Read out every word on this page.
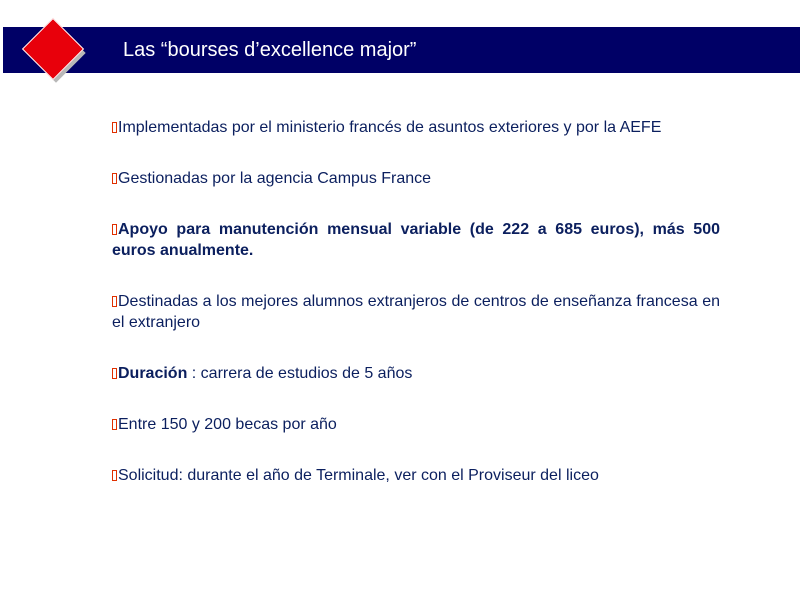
Las “bourses d’excellence major”

Implementadas por el ministerio francés de asuntos exteriores y por la AEFE

Gestionadas por la agencia Campus France

Apoyo para manutención mensual variable (de 222 a 685 euros), más 500 euros anualmente.

Destinadas a los mejores alumnos extranjeros de centros de enseñanza francesa en el extranjero

Duración : carrera de estudios de 5 años

Entre 150 y 200 becas por año

Solicitud: durante el año de Terminale, ver con el Proviseur del liceo
